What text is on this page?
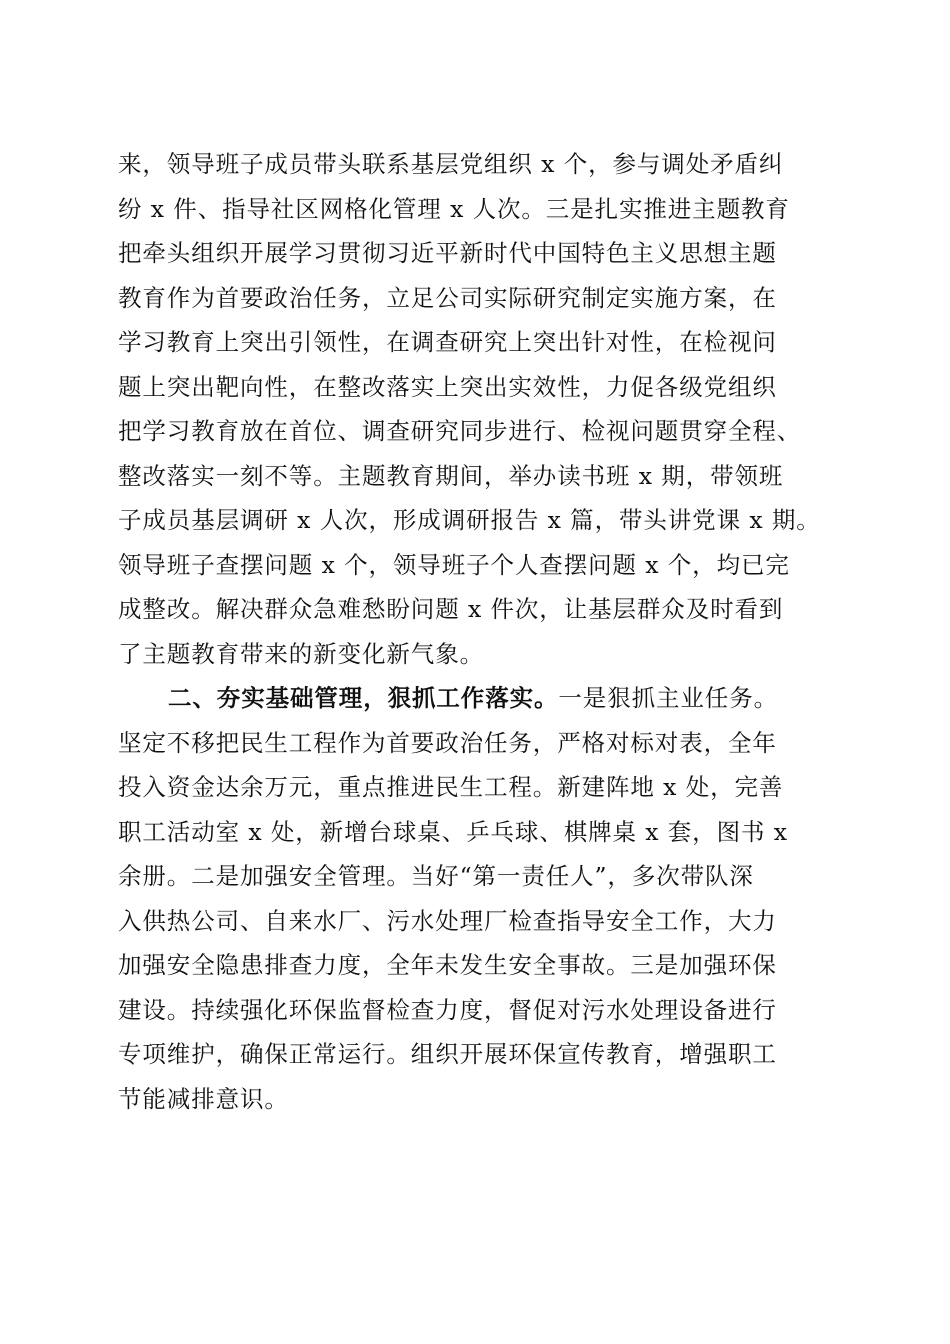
来，领导班子成员带头联系基层党组织 x 个，参与调处矛盾纠
纷 x 件、指导社区网格化管理 x 人次。三是扎实推进主题教育
把牵头组织开展学习贯彻习近平新时代中国特色主义思想主题
教育作为首要政治任务，立足公司实际研究制定实施方案，在
学习教育上突出引领性，在调查研究上突出针对性，在检视问
题上突出靶向性，在整改落实上突出实效性，力促各级党组织
把学习教育放在首位、调查研究同步进行、检视问题贯穿全程、
整改落实一刻不等。主题教育期间，举办读书班 x 期，带领班
子成员基层调研 x 人次，形成调研报告 x 篇，带头讲党课 x 期。
领导班子查摆问题 x 个，领导班子个人查摆问题 x 个，均已完
成整改。解决群众急难愁盼问题 x 件次，让基层群众及时看到
了主题教育带来的新变化新气象。
二、夯实基础管理，狠抓工作落实。一是狠抓主业任务。
坚定不移把民生工程作为首要政治任务，严格对标对表，全年
投入资金达余万元，重点推进民生工程。新建阵地 x 处，完善
职工活动室 x 处，新增台球桌、乒乓球、棋牌桌 x 套，图书 x
余册。二是加强安全管理。当好“第一责任人”，多次带队深
入供热公司、自来水厂、污水处理厂检查指导安全工作，大力
加强安全隐患排查力度，全年未发生安全事故。三是加强环保
建设。持续强化环保监督检查力度，督促对污水处理设备进行
专项维护，确保正常运行。组织开展环保宣传教育，增强职工
节能减排意识。
